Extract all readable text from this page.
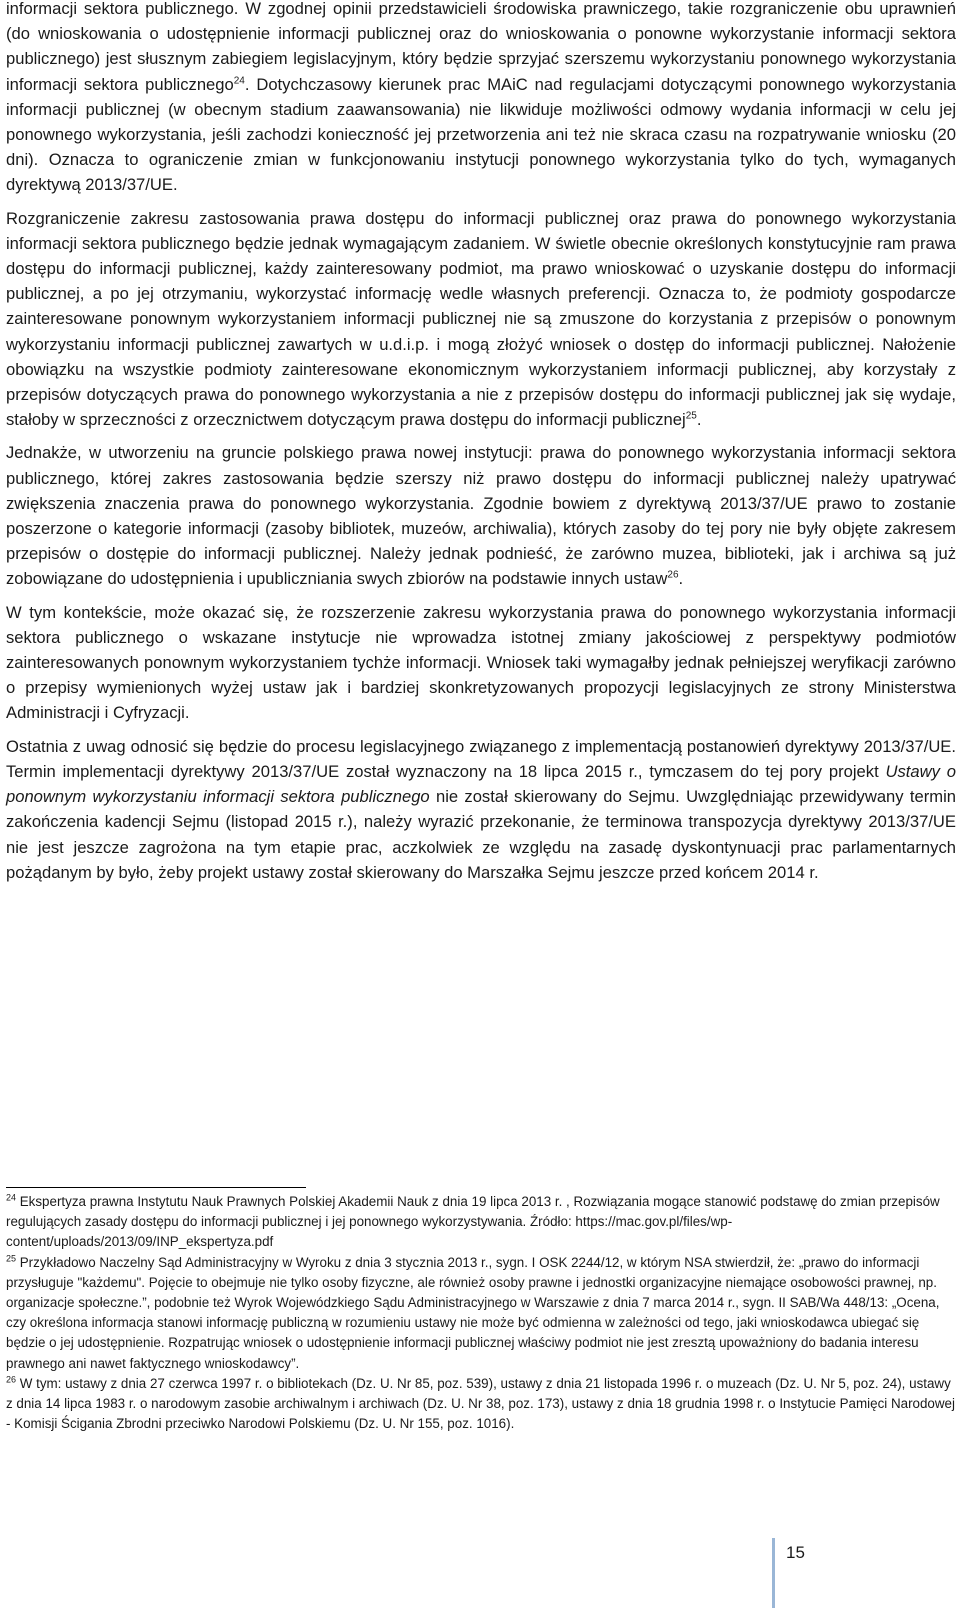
informacji sektora publicznego. W zgodnej opinii przedstawicieli środowiska prawniczego, takie rozgraniczenie obu uprawnień (do wnioskowania o udostępnienie informacji publicznej oraz do wnioskowania o ponowne wykorzystanie informacji sektora publicznego) jest słusznym zabiegiem legislacyjnym, który będzie sprzyjać szerszemu wykorzystaniu ponownego wykorzystania informacji sektora publicznego$^{24}$. Dotychczasowy kierunek prac MAiC nad regulacjami dotyczącymi ponownego wykorzystania informacji publicznej (w obecnym stadium zaawansowania) nie likwiduje możliwości odmowy wydania informacji w celu jej ponownego wykorzystania, jeśli zachodzi konieczność jej przetworzenia ani też nie skraca czasu na rozpatrywanie wniosku (20 dni). Oznacza to ograniczenie zmian w funkcjonowaniu instytucji ponownego wykorzystania tylko do tych, wymaganych dyrektywą 2013/37/UE.

Rozgraniczenie zakresu zastosowania prawa dostępu do informacji publicznej oraz prawa do ponownego wykorzystania informacji sektora publicznego będzie jednak wymagającym zadaniem. W świetle obecnie określonych konstytucyjnie ram prawa dostępu do informacji publicznej, każdy zainteresowany podmiot, ma prawo wnioskować o uzyskanie dostępu do informacji publicznej, a po jej otrzymaniu, wykorzystać informację wedle własnych preferencji. Oznacza to, że podmioty gospodarcze zainteresowane ponownym wykorzystaniem informacji publicznej nie są zmuszone do korzystania z przepisów o ponownym wykorzystaniu informacji publicznej zawartych w u.d.i.p. i mogą złożyć wniosek o dostęp do informacji publicznej. Nałożenie obowiązku na wszystkie podmioty zainteresowane ekonomicznym wykorzystaniem informacji publicznej, aby korzystały z przepisów dotyczących prawa do ponownego wykorzystania a nie z przepisów dostępu do informacji publicznej jak się wydaje, stałoby w sprzeczności z orzecznictwem dotyczącym prawa dostępu do informacji publicznej$^{25}$.

Jednakże, w utworzeniu na gruncie polskiego prawa nowej instytucji: prawa do ponownego wykorzystania informacji sektora publicznego, której zakres zastosowania będzie szerszy niż prawo dostępu do informacji publicznej należy upatrywać zwiększenia znaczenia prawa do ponownego wykorzystania. Zgodnie bowiem z dyrektywą 2013/37/UE prawo to zostanie poszerzone o kategorie informacji (zasoby bibliotek, muzeów, archiwalia), których zasoby do tej pory nie były objęte zakresem przepisów o dostępie do informacji publicznej. Należy jednak podnieść, że zarówno muzea, biblioteki, jak i archiwa są już zobowiązane do udostępnienia i upubliczniania swych zbiorów na podstawie innych ustaw$^{26}$.

W tym kontekście, może okazać się, że rozszerzenie zakresu wykorzystania prawa do ponownego wykorzystania informacji sektora publicznego o wskazane instytucje nie wprowadza istotnej zmiany jakościowej z perspektywy podmiotów zainteresowanych ponownym wykorzystaniem tychże informacji. Wniosek taki wymagałby jednak pełniejszej weryfikacji zarówno o przepisy wymienionych wyżej ustaw jak i bardziej skonkretyzowanych propozycji legislacyjnych ze strony Ministerstwa Administracji i Cyfryzacji.

Ostatnia z uwag odnosić się będzie do procesu legislacyjnego związanego z implementacją postanowień dyrektywy 2013/37/UE. Termin implementacji dyrektywy 2013/37/UE został wyznaczony na 18 lipca 2015 r., tymczasem do tej pory projekt Ustawy o ponownym wykorzystaniu informacji sektora publicznego nie został skierowany do Sejmu. Uwzględniając przewidywany termin zakończenia kadencji Sejmu (listopad 2015 r.), należy wyrazić przekonanie, że terminowa transpozycja dyrektywy 2013/37/UE nie jest jeszcze zagrożona na tym etapie prac, aczkolwiek ze względu na zasadę dyskontynuacji prac parlamentarnych pożądanym by było, żeby projekt ustawy został skierowany do Marszałka Sejmu jeszcze przed końcem 2014 r.

$^{24}$ Ekspertyza prawna Instytutu Nauk Prawnych Polskiej Akademii Nauk z dnia 19 lipca 2013 r. , Rozwiązania mogące stanowić podstawę do zmian przepisów regulujących zasady dostępu do informacji publicznej i jej ponownego wykorzystywania. Źródło: https://mac.gov.pl/files/wp-content/uploads/2013/09/INP_ekspertyza.pdf

$^{25}$ Przykładowo Naczelny Sąd Administracyjny w Wyroku z dnia 3 stycznia 2013 r., sygn. I OSK 2244/12, w którym NSA stwierdził, że: „prawo do informacji przysługuje "każdemu". Pojęcie to obejmuje nie tylko osoby fizyczne, ale również osoby prawne i jednostki organizacyjne niemające osobowości prawnej, np. organizacje społeczne.”, podobnie też Wyrok Wojewódzkiego Sądu Administracyjnego w Warszawie z dnia 7 marca 2014 r., sygn. II SAB/Wa 448/13: „Ocena, czy określona informacja stanowi informację publiczną w rozumieniu ustawy nie może być odmienna w zależności od tego, jaki wnioskodawca ubiegać się będzie o jej udostępnienie. Rozpatrując wniosek o udostępnienie informacji publicznej właściwy podmiot nie jest zresztą upoważniony do badania interesu prawnego ani nawet faktycznego wnioskodawcy”.

$^{26}$ W tym: ustawy z dnia 27 czerwca 1997 r. o bibliotekach (Dz. U. Nr 85, poz. 539), ustawy z dnia 21 listopada 1996 r. o muzeach (Dz. U. Nr 5, poz. 24), ustawy z dnia 14 lipca 1983 r. o narodowym zasobie archiwalnym i archiwach (Dz. U. Nr 38, poz. 173), ustawy z dnia 18 grudnia 1998 r. o Instytucie Pamięci Narodowej - Komisji Ścigania Zbrodni przeciwko Narodowi Polskiemu (Dz. U. Nr 155, poz. 1016).

15
